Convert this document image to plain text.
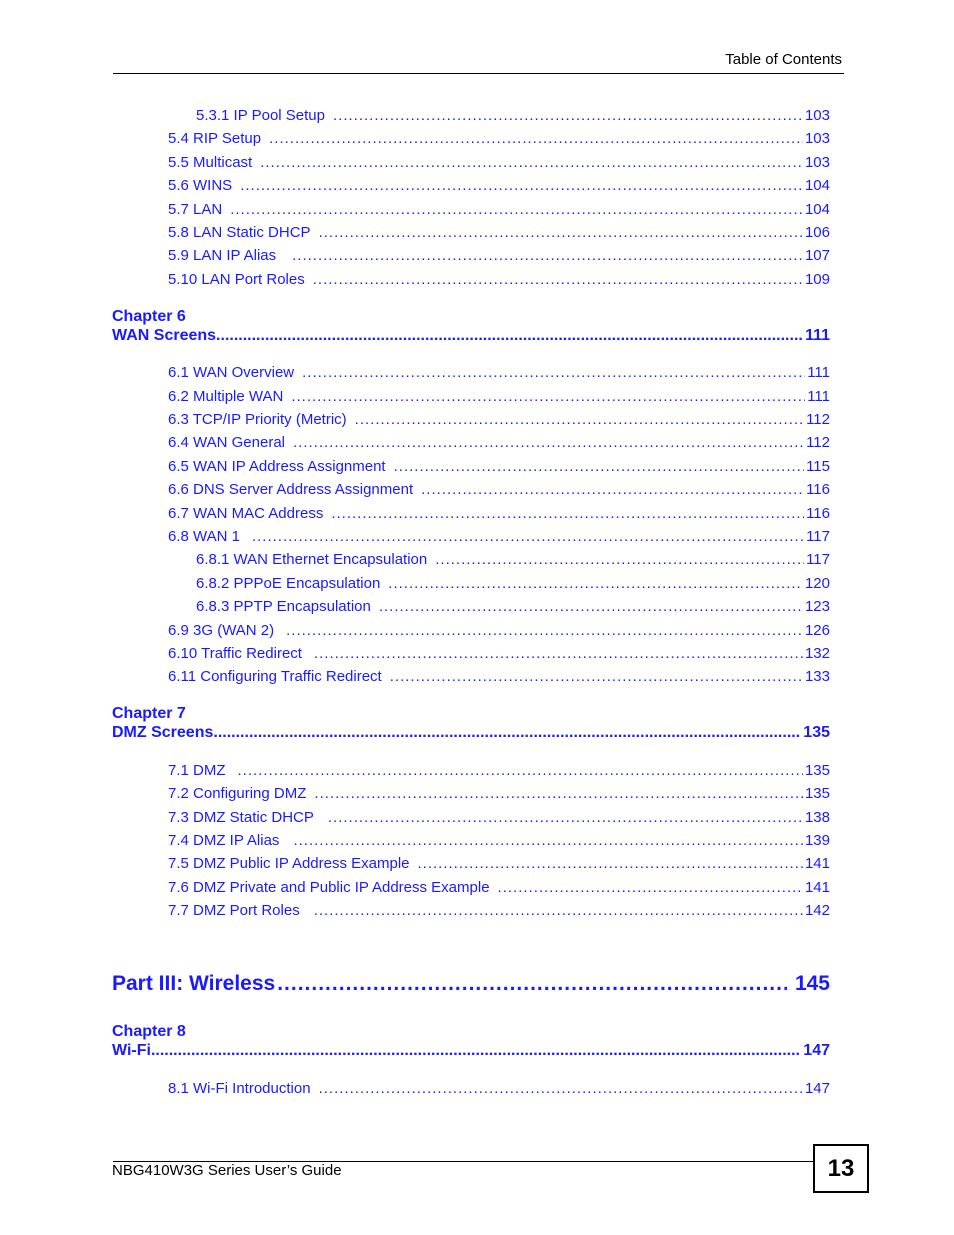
Table of Contents
5.3.1 IP Pool Setup .....	103
5.4 RIP Setup .....	103
5.5 Multicast .....	103
5.6 WINS .....	104
5.7 LAN .....	104
5.8 LAN Static DHCP .....	106
5.9 LAN IP Alias .....	107
5.10 LAN Port Roles .....	109
Chapter 6
WAN Screens .....	111
6.1 WAN Overview .....	111
6.2 Multiple WAN .....	111
6.3 TCP/IP Priority (Metric) .....	112
6.4 WAN General .....	112
6.5 WAN IP Address Assignment .....	115
6.6 DNS Server Address Assignment .....	116
6.7 WAN MAC Address .....	116
6.8 WAN 1 .....	117
6.8.1 WAN Ethernet Encapsulation .....	117
6.8.2 PPPoE Encapsulation .....	120
6.8.3 PPTP Encapsulation .....	123
6.9 3G (WAN 2) .....	126
6.10 Traffic Redirect .....	132
6.11 Configuring Traffic Redirect .....	133
Chapter 7
DMZ Screens .....	135
7.1 DMZ .....	135
7.2 Configuring DMZ .....	135
7.3 DMZ Static DHCP .....	138
7.4 DMZ IP Alias .....	139
7.5 DMZ Public IP Address Example .....	141
7.6 DMZ Private and Public IP Address Example .....	141
7.7 DMZ Port Roles .....	142
Part III: Wireless .....	145
Chapter 8
Wi-Fi .....	147
8.1 Wi-Fi Introduction .....	147
NBG410W3G Series User’s Guide	13
